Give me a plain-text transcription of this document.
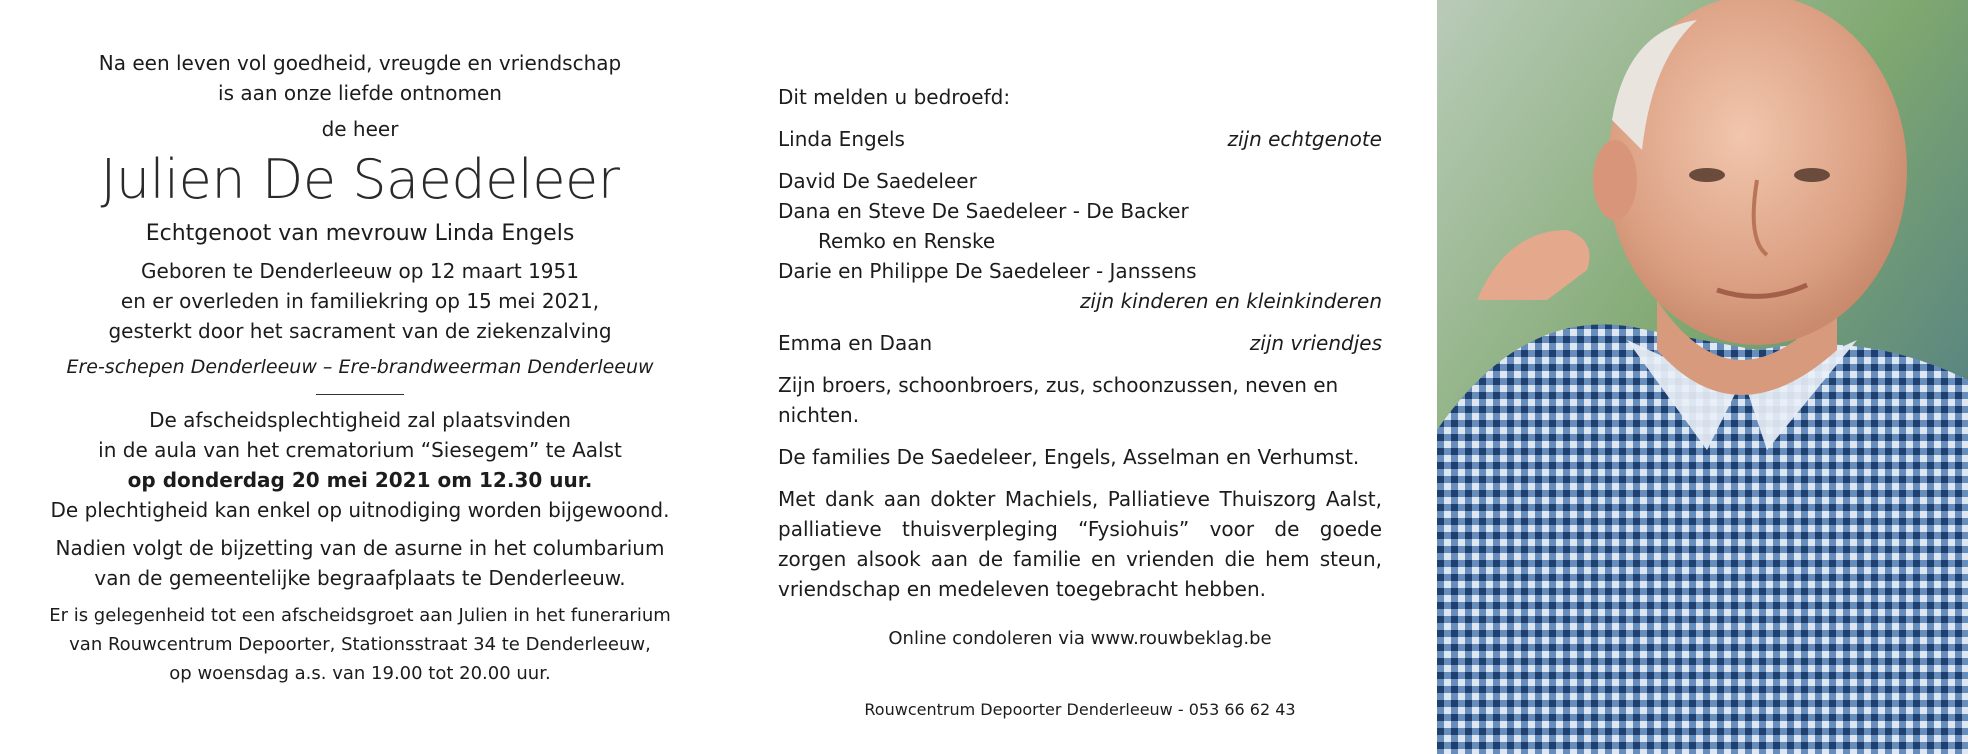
Na een leven vol goedheid, vreugde en vriendschap
is aan onze liefde ontnomen
de heer
Julien De Saedeleer
Echtgenoot van mevrouw Linda Engels
Geboren te Denderleeuw op 12 maart 1951
en er overleden in familiekring op 15 mei 2021,
gesterkt door het sacrament van de ziekenzalving
Ere-schepen Denderleeuw – Ere-brandweerman Denderleeuw
De afscheidsplechtigheid zal plaatsvinden
in de aula van het crematorium “Siesegem” te Aalst
op donderdag 20 mei 2021 om 12.30 uur.
De plechtigheid kan enkel op uitnodiging worden bijgewoond.
Nadien volgt de bijzetting van de asurne in het columbarium
van de gemeentelijke begraafplaats te Denderleeuw.
Er is gelegenheid tot een afscheidsgroet aan Julien in het funerarium
van Rouwcentrum Depoorter, Stationsstraat 34 te Denderleeuw,
op woensdag a.s. van 19.00 tot 20.00 uur.
Dit melden u bedroefd:
Linda Engels	zijn echtgenote
David De Saedeleer
Dana en Steve De Saedeleer - De Backer
Remko en Renske
Darie en Philippe De Saedeleer - Janssens
zijn kinderen en kleinkinderen
Emma en Daan	zijn vriendjes
Zijn broers, schoonbroers, zus, schoonzussen, neven en nichten.
De families De Saedeleer, Engels, Asselman en Verhumst.
Met dank aan dokter Machiels, Palliatieve Thuiszorg Aalst, palliatieve thuisverpleging “Fysiohuis” voor de goede zorgen alsook aan de familie en vrienden die hem steun, vriendschap en medeleven toegebracht hebben.
Online condoleren via www.rouwbeklag.be
Rouwcentrum Depoorter Denderleeuw - 053 66 62 43
